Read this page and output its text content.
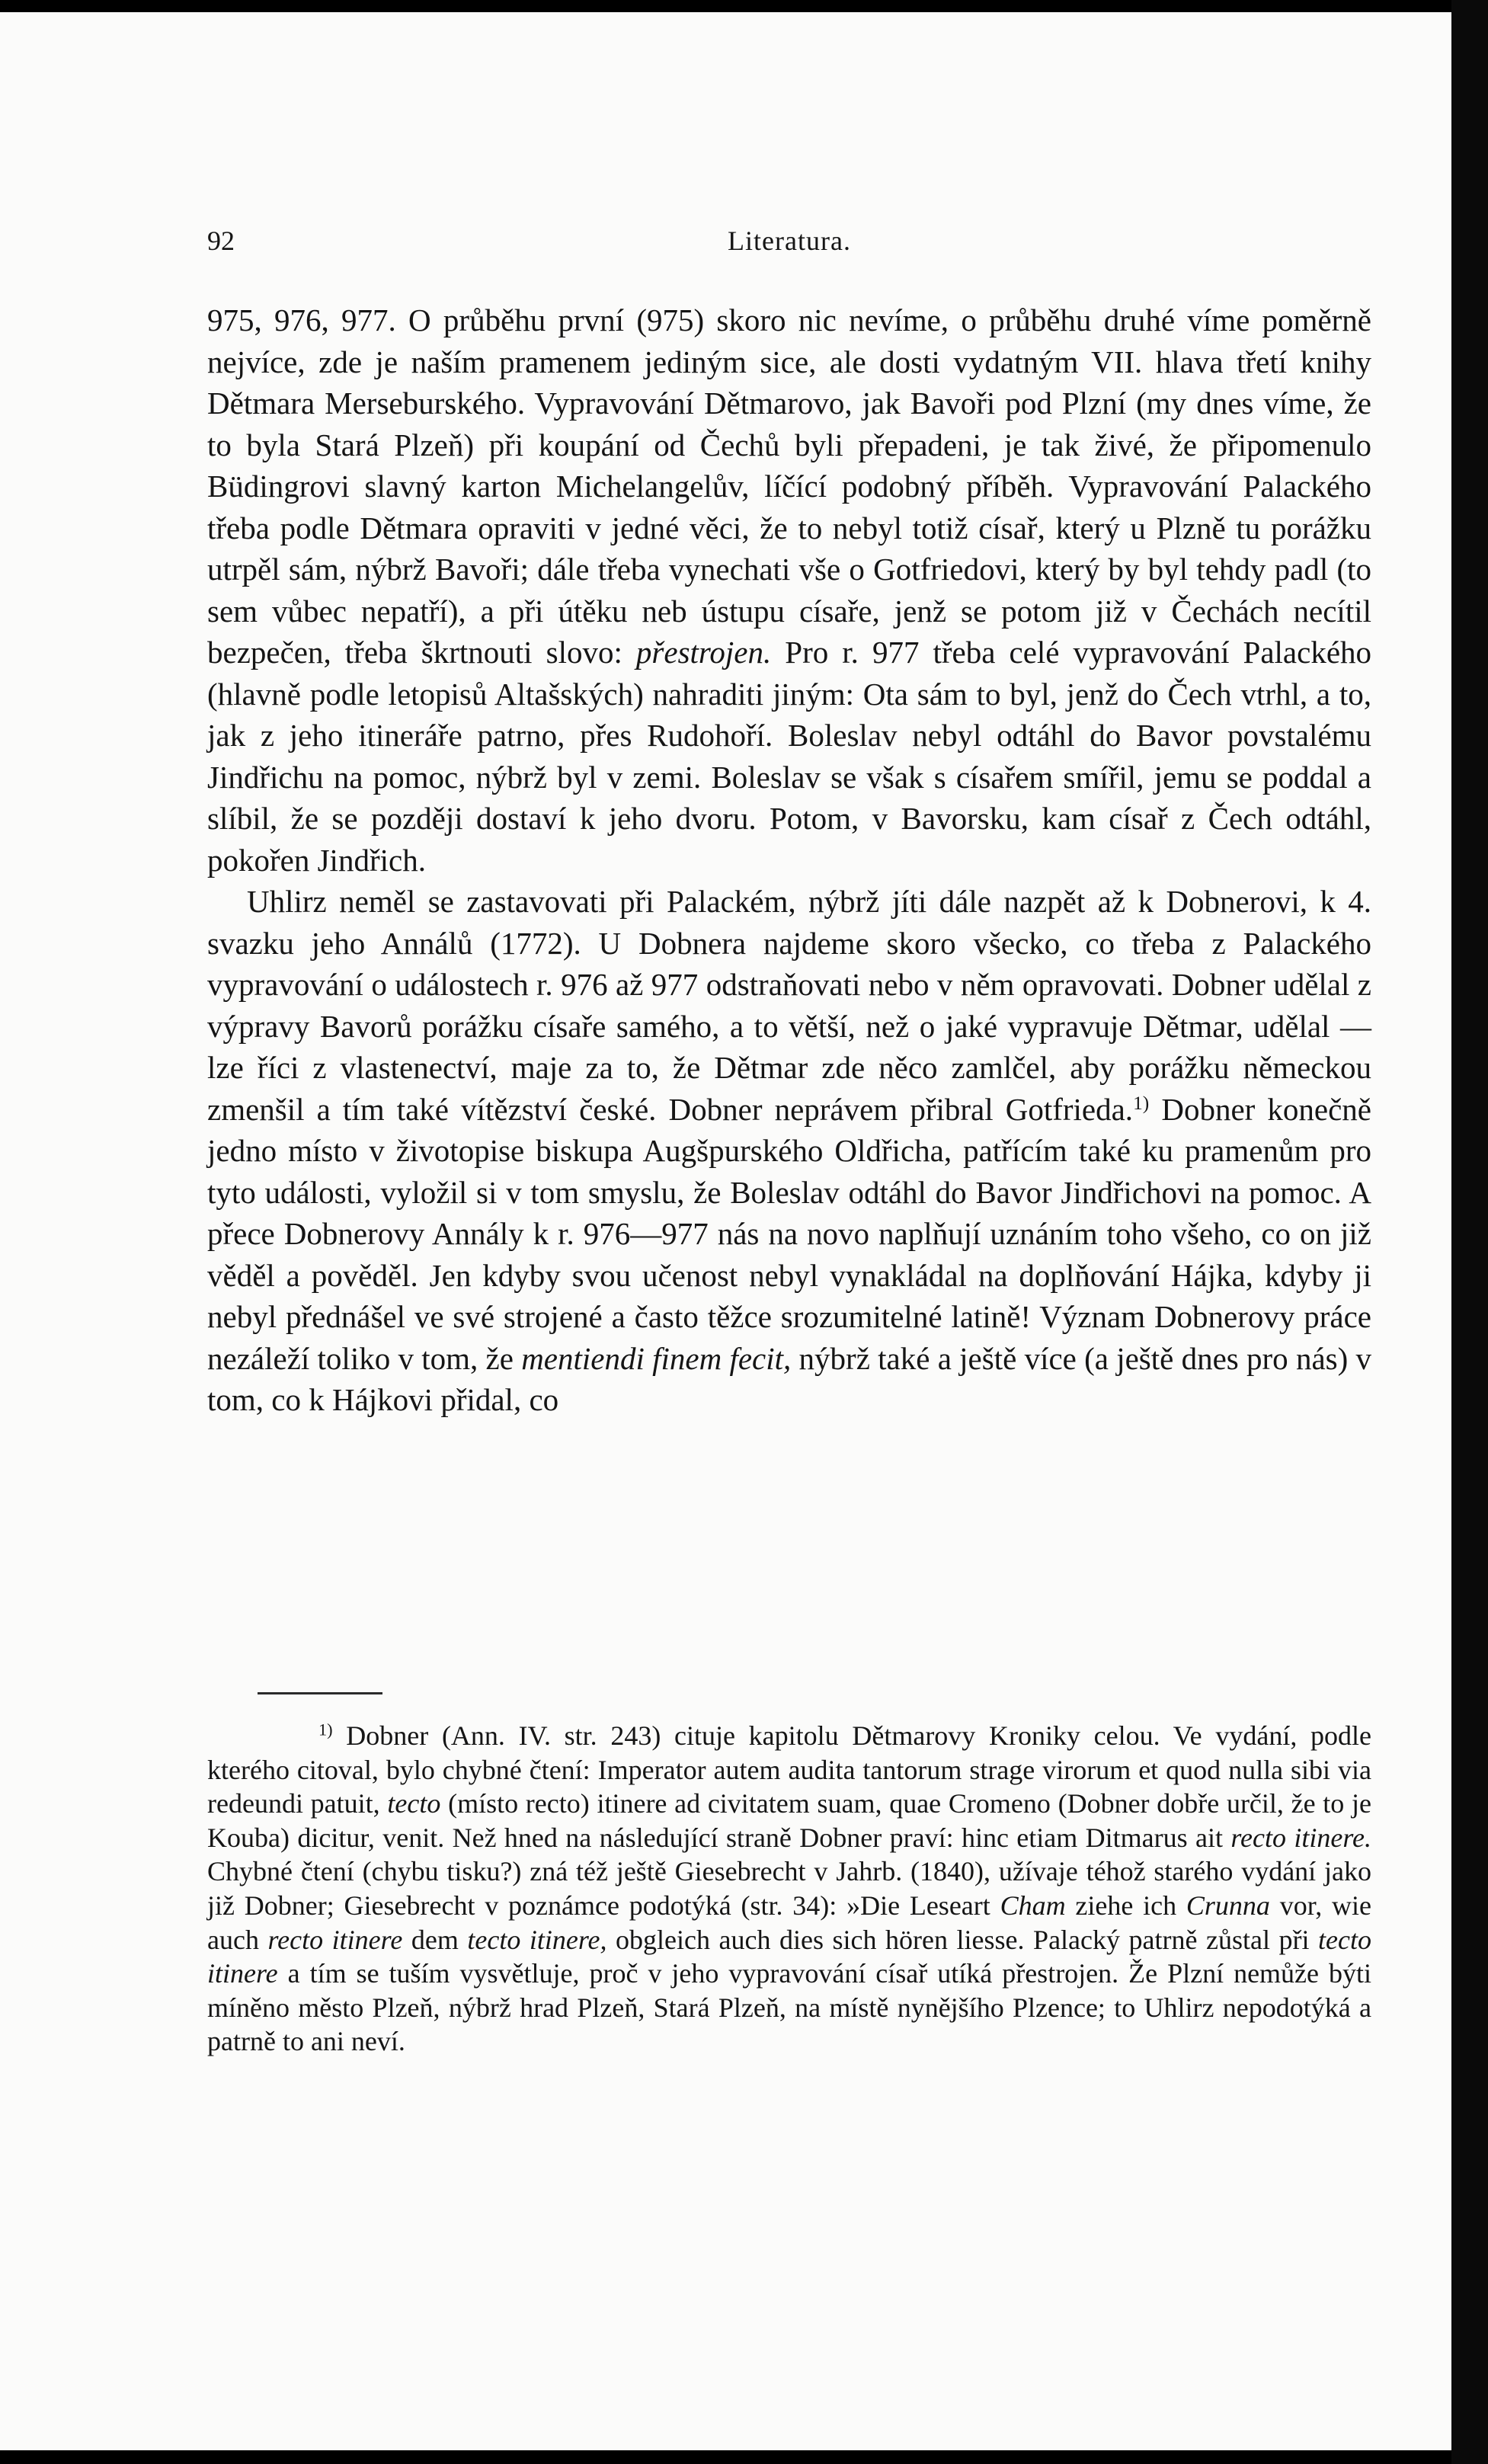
92	Literatura.

975, 976, 977. O průběhu první (975) skoro nic nevíme, o průběhu druhé víme poměrně nejvíce, zde je naším pramenem jediným sice, ale dosti vydatným VII. hlava třetí knihy Dětmara Merseburského. Vypravování Dětmarovo, jak Bavoři pod Plzní (my dnes víme, že to byla Stará Plzeň) při koupání od Čechů byli přepadeni, je tak živé, že připomenulo Büdingrovi slavný karton Michelangelův, líčící podobný příběh. Vypravování Palackého třeba podle Dětmara opraviti v jedné věci, že to nebyl totiž císař, který u Plzně tu porážku utrpěl sám, nýbrž Bavoři; dále třeba vynechati vše o Gotfriedovi, který by byl tehdy padl (to sem vůbec nepatří), a při útěku neb ústupu císaře, jenž se potom již v Čechách necítil bezpečen, třeba škrtnouti slovo: přestrojen. Pro r. 977 třeba celé vypravování Palackého (hlavně podle letopisů Altašských) nahraditi jiným: Ota sám to byl, jenž do Čech vtrhl, a to, jak z jeho itineráře patrno, přes Rudohoří. Boleslav nebyl odtáhl do Bavor povstalému Jindřichu na pomoc, nýbrž byl v zemi. Boleslav se však s císařem smířil, jemu se poddal a slíbil, že se později dostaví k jeho dvoru. Potom, v Bavorsku, kam císař z Čech odtáhl, pokořen Jindřich.

Uhlirz neměl se zastavovati při Palackém, nýbrž jíti dále nazpět až k Dobnerovi, k 4. svazku jeho Annálů (1772). U Dobnera najdeme skoro všecko, co třeba z Palackého vypravování o událostech r. 976 až 977 odstraňovati nebo v něm opravovati. Dobner udělal z výpravy Bavorů porážku císaře samého, a to větší, než o jaké vypravuje Dětmar, udělal — lze říci z vlastenectví, maje za to, že Dětmar zde něco zamlčel, aby porážku německou zmenšil a tím také vítězství české. Dobner neprávem přibral Gotfrieda.$^{1)}$ Dobner konečně jedno místo v životopise biskupa Augšpurského Oldřicha, patřícím také ku pramenům pro tyto události, vyložil si v tom smyslu, že Boleslav odtáhl do Bavor Jindřichovi na pomoc. A přece Dobnerovy Annály k r. 976—977 nás na novo naplňují uznáním toho všeho, co on již věděl a pověděl. Jen kdyby svou učenost nebyl vynakládal na doplňování Hájka, kdyby ji nebyl přednášel ve své strojené a často těžce srozumitelné latině! Význam Dobnerovy práce nezáleží toliko v tom, že mentiendi finem fecit, nýbrž také a ještě více (a ještě dnes pro nás) v tom, co k Hájkovi přidal, co

$^{1)}$ Dobner (Ann. IV. str. 243) cituje kapitolu Dětmarovy Kroniky celou. Ve vydání, podle kterého citoval, bylo chybné čtení: Imperator autem audita tantorum strage virorum et quod nulla sibi via redeundi patuit, tecto (místo recto) itinere ad civitatem suam, quae Cromeno (Dobner dobře určil, že to je Kouba) dicitur, venit. Než hned na následující straně Dobner praví: hinc etiam Ditmarus ait recto itinere. Chybné čtení (chybu tisku?) zná též ještě Giesebrecht v Jahrb. (1840), užívaje téhož starého vydání jako již Dobner; Giesebrecht v poznámce podotýká (str. 34): »Die Leseart Cham ziehe ich Crunna vor, wie auch recto itinere dem tecto itinere, obgleich auch dies sich hören liesse. Palacký patrně zůstal při tecto itinere a tím se tuším vysvětluje, proč v jeho vypravování císař utíká přestrojen. Že Plzní nemůže býti míněno město Plzeň, nýbrž hrad Plzeň, Stará Plzeň, na místě nynějšího Plzence; to Uhlirz nepodotýká a patrně to ani neví.
